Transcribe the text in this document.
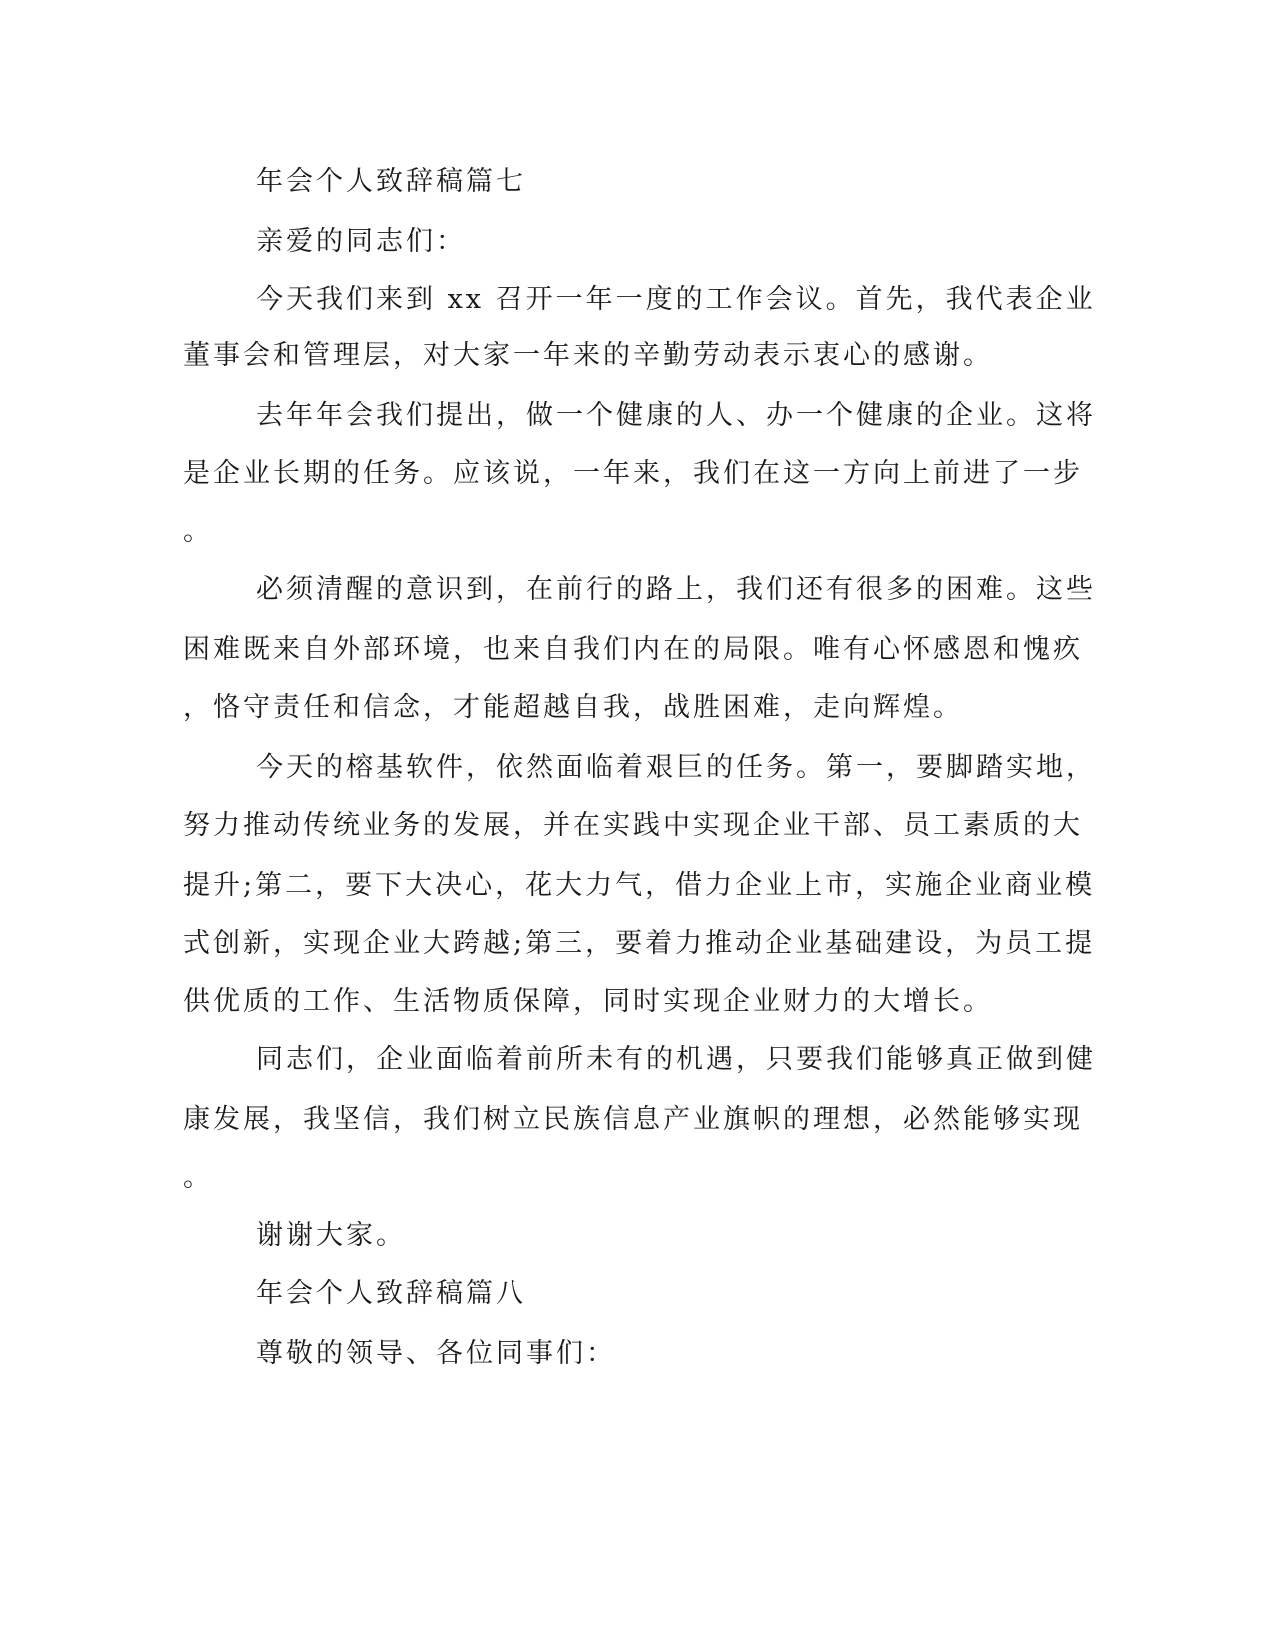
年会个人致辞稿篇七
亲爱的同志们：
今天我们来到 xx 召开一年一度的工作会议。首先，我代表企业
董事会和管理层，对大家一年来的辛勤劳动表示衷心的感谢。
去年年会我们提出，做一个健康的人、办一个健康的企业。这将
是企业长期的任务。应该说，一年来，我们在这一方向上前进了一步
。
必须清醒的意识到，在前行的路上，我们还有很多的困难。这些
困难既来自外部环境，也来自我们内在的局限。唯有心怀感恩和愧疚
，恪守责任和信念，才能超越自我，战胜困难，走向辉煌。
今天的榕基软件，依然面临着艰巨的任务。第一，要脚踏实地，
努力推动传统业务的发展，并在实践中实现企业干部、员工素质的大
提升;第二，要下大决心，花大力气，借力企业上市，实施企业商业模
式创新，实现企业大跨越;第三，要着力推动企业基础建设，为员工提
供优质的工作、生活物质保障，同时实现企业财力的大增长。
同志们，企业面临着前所未有的机遇，只要我们能够真正做到健
康发展，我坚信，我们树立民族信息产业旗帜的理想，必然能够实现
。
谢谢大家。
年会个人致辞稿篇八
尊敬的领导、各位同事们：
